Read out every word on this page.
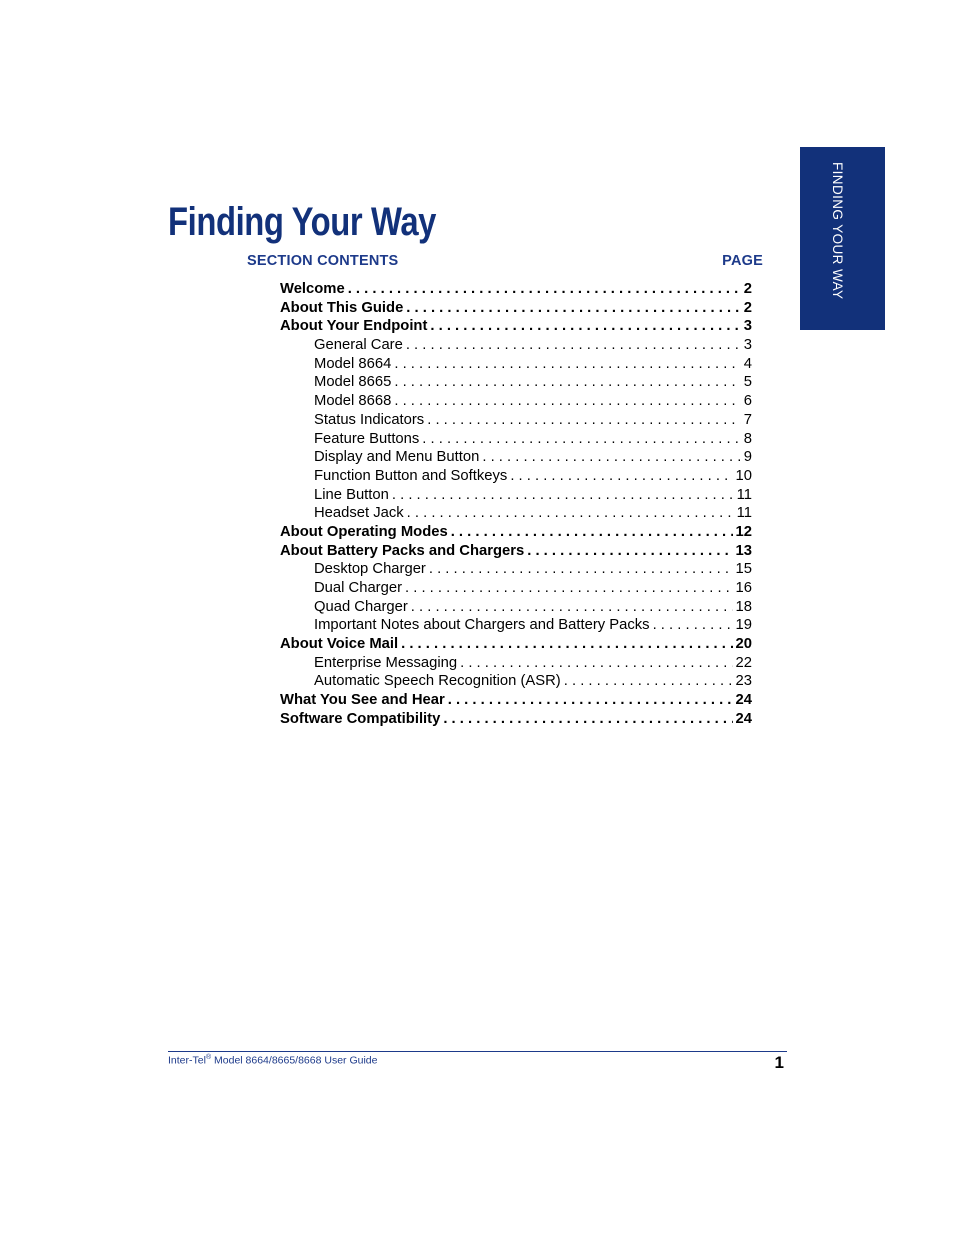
FINDING YOUR WAY
Finding Your Way
SECTION CONTENTS	PAGE
Welcome . . .	2
About This Guide . . .	2
About Your Endpoint . . .	3
General Care . . .	3
Model 8664 . . .	4
Model 8665 . . .	5
Model 8668 . . .	6
Status Indicators . . .	7
Feature Buttons . . .	8
Display and Menu Button . . .	9
Function Button and Softkeys . . .	10
Line Button . . .	11
Headset Jack . . .	11
About Operating Modes . . .	12
About Battery Packs and Chargers . . .	13
Desktop Charger . . .	15
Dual Charger . . .	16
Quad Charger . . .	18
Important Notes about Chargers and Battery Packs . . .	19
About Voice Mail . . .	20
Enterprise Messaging . . .	22
Automatic Speech Recognition (ASR) . . .	23
What You See and Hear . . .	24
Software Compatibility . . .	24
Inter-Tel® Model 8664/8665/8668 User Guide	1
